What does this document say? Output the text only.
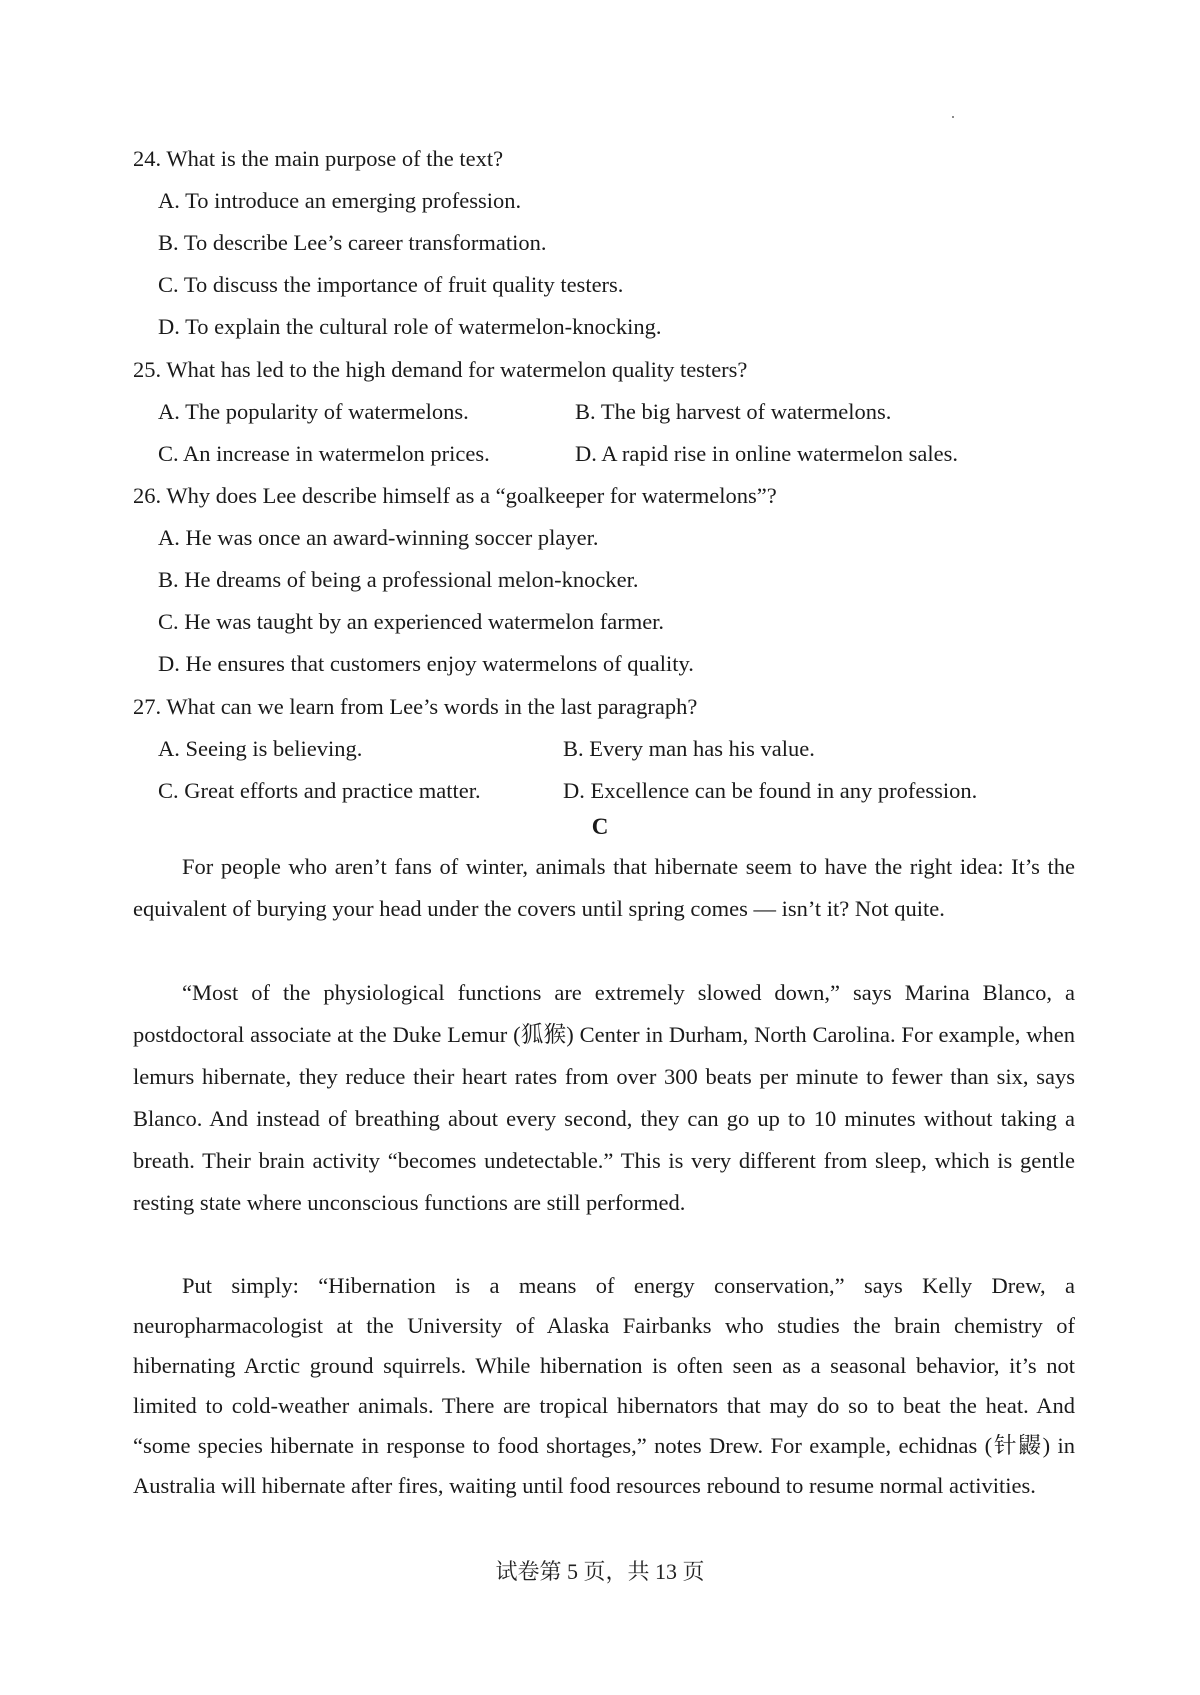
24. What is the main purpose of the text?
A. To introduce an emerging profession.
B. To describe Lee’s career transformation.
C. To discuss the importance of fruit quality testers.
D. To explain the cultural role of watermelon-knocking.
25. What has led to the high demand for watermelon quality testers?
A. The popularity of watermelons.	B. The big harvest of watermelons.
C. An increase in watermelon prices.	D. A rapid rise in online watermelon sales.
26. Why does Lee describe himself as a “goalkeeper for watermelons”?
A. He was once an award-winning soccer player.
B. He dreams of being a professional melon-knocker.
C. He was taught by an experienced watermelon farmer.
D. He ensures that customers enjoy watermelons of quality.
27. What can we learn from Lee’s words in the last paragraph?
A. Seeing is believing.	B. Every man has his value.
C. Great efforts and practice matter.	D. Excellence can be found in any profession.
C

For people who aren’t fans of winter, animals that hibernate seem to have the right idea: It’s the equivalent of burying your head under the covers until spring comes — isn’t it? Not quite.

“Most of the physiological functions are extremely slowed down,” says Marina Blanco, a postdoctoral associate at the Duke Lemur (狐猴) Center in Durham, North Carolina. For example, when lemurs hibernate, they reduce their heart rates from over 300 beats per minute to fewer than six, says Blanco. And instead of breathing about every second, they can go up to 10 minutes without taking a breath. Their brain activity “becomes undetectable.” This is very different from sleep, which is gentle resting state where unconscious functions are still performed.

Put simply: “Hibernation is a means of energy conservation,” says Kelly Drew, a neuropharmacologist at the University of Alaska Fairbanks who studies the brain chemistry of hibernating Arctic ground squirrels. While hibernation is often seen as a seasonal behavior, it’s not limited to cold-weather animals. There are tropical hibernators that may do so to beat the heat. And “some species hibernate in response to food shortages,” notes Drew. For example, echidnas (针鼹) in Australia will hibernate after fires, waiting until food resources rebound to resume normal activities.

试卷第 5 页，共 13 页
